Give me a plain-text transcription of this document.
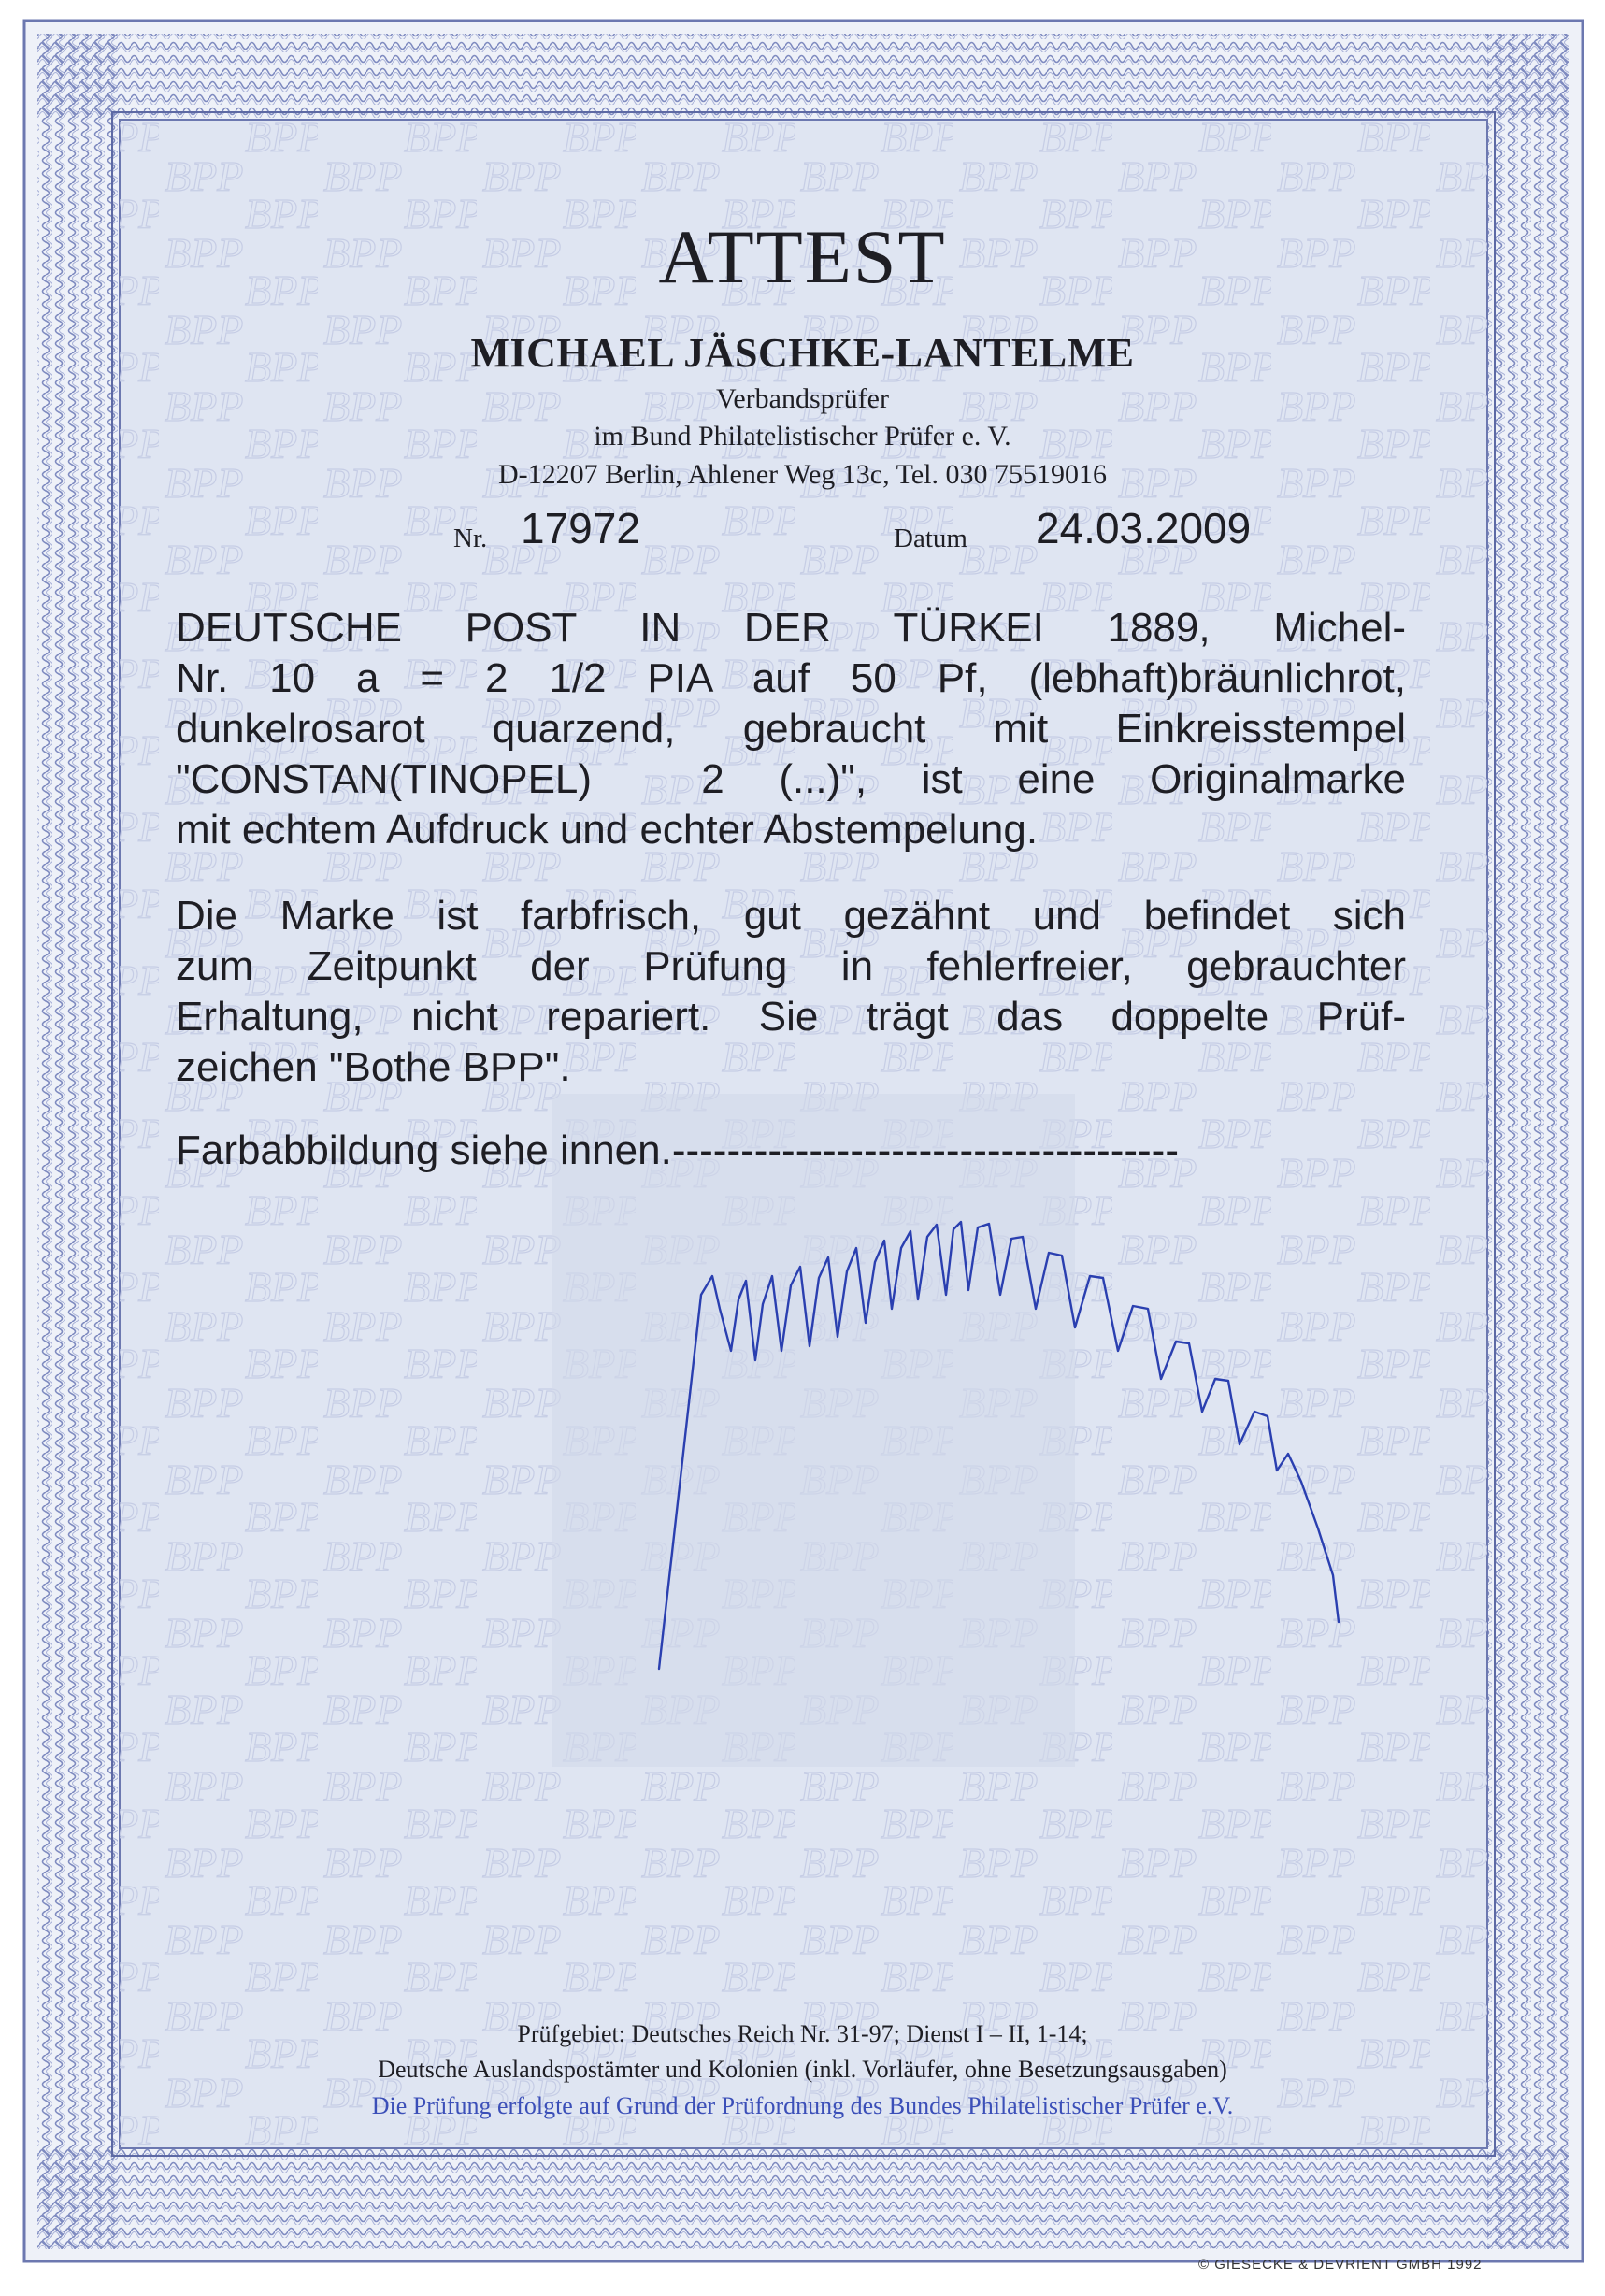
ATTEST
MICHAEL JÄSCHKE-LANTELME
Verbandsprüfer
im Bund Philatelistischer Prüfer e. V.
D-12207 Berlin, Ahlener Weg 13c, Tel. 030 75519016
Nr. 17972	Datum 24.03.2009
DEUTSCHE POST IN DER TÜRKEI 1889, Michel-
Nr. 10 a = 2 1/2 PIA auf 50 Pf, (lebhaft)bräunlichrot,
dunkelrosarot quarzend, gebraucht mit Einkreisstempel
"CONSTAN(TINOPEL)  2 (...)", ist eine Originalmarke
mit echtem Aufdruck und echter Abstempelung.
Die Marke ist farbfrisch, gut gezähnt und befindet sich
zum Zeitpunkt der Prüfung in fehlerfreier, gebrauchter
Erhaltung, nicht repariert. Sie trägt das doppelte Prüf-
zeichen "Bothe BPP".
Farbabbildung siehe innen.-------------------------------------
Prüfgebiet: Deutsches Reich Nr. 31-97; Dienst I – II, 1-14;
Deutsche Auslandspostämter und Kolonien (inkl. Vorläufer, ohne Besetzungsausgaben)
Die Prüfung erfolgte auf Grund der Prüfordnung des Bundes Philatelistischer Prüfer e.V.
© GIESECKE & DEVRIENT GMBH 1992
